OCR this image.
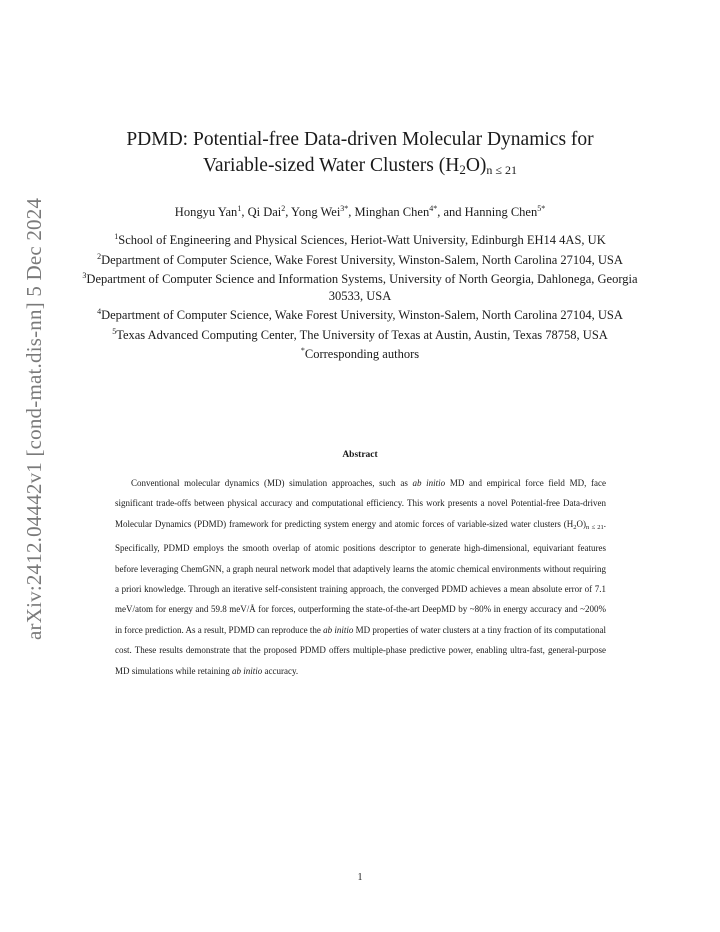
arXiv:2412.04442v1 [cond-mat.dis-nn] 5 Dec 2024
PDMD: Potential-free Data-driven Molecular Dynamics for
Variable-sized Water Clusters $(H_2O)_{n \le 21}$
Hongyu Yan$^1$, Qi Dai$^2$, Yong Wei$^{3*}$, Minghan Chen$^{4*}$, and Hanning Chen$^{5*}$
$^1$School of Engineering and Physical Sciences, Heriot-Watt University, Edinburgh EH14 4AS, UK
$^2$Department of Computer Science, Wake Forest University, Winston-Salem, North Carolina 27104, USA
$^3$Department of Computer Science and Information Systems, University of North Georgia, Dahlonega, Georgia 30533, USA
$^4$Department of Computer Science, Wake Forest University, Winston-Salem, North Carolina 27104, USA
$^5$Texas Advanced Computing Center, The University of Texas at Austin, Austin, Texas 78758, USA
*Corresponding authors
Abstract
Conventional molecular dynamics (MD) simulation approaches, such as ab initio MD and empirical force field MD, face significant trade-offs between physical accuracy and computational efficiency. This work presents a novel Potential-free Data-driven Molecular Dynamics (PDMD) framework for predicting system energy and atomic forces of variable-sized water clusters $(H_2O)_{n \le 21}$. Specifically, PDMD employs the smooth overlap of atomic positions descriptor to generate high-dimensional, equivariant features before leveraging ChemGNN, a graph neural network model that adaptively learns the atomic chemical environments without requiring a priori knowledge. Through an iterative self-consistent training approach, the converged PDMD achieves a mean absolute error of 7.1 meV/atom for energy and 59.8 meV/Å for forces, outperforming the state-of-the-art DeepMD by ~80% in energy accuracy and ~200% in force prediction. As a result, PDMD can reproduce the ab initio MD properties of water clusters at a tiny fraction of its computational cost. These results demonstrate that the proposed PDMD offers multiple-phase predictive power, enabling ultra-fast, general-purpose MD simulations while retaining ab initio accuracy.
1
